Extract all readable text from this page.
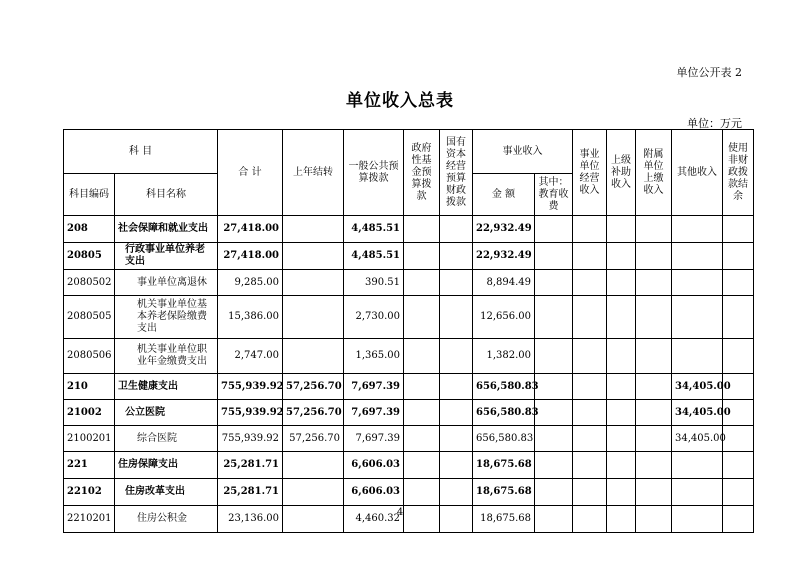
单位公开表 2
单位收入总表
单位：万元
科 目		合 计	上年结转	一般公共预算拨款	政府性基金预算拨款	国有资本经营预算财政拨款	事业收入		事业单位经营收入	上级补助收入	附属单位上缴收入	其他收入	使用非财政拨款结余
科目编码	科目名称						金 额	其中：教育收费					
208	社会保障和就业支出	27,418.00		4,485.51			22,932.49						
20805	行政事业单位养老支出	27,418.00		4,485.51			22,932.49						
2080502	事业单位离退休	9,285.00		390.51			8,894.49						
2080505	机关事业单位基本养老保险缴费支出	15,386.00		2,730.00			12,656.00						
2080506	机关事业单位职业年金缴费支出	2,747.00		1,365.00			1,382.00						
210	卫生健康支出	755,939.92	57,256.70	7,697.39			656,580.83					34,405.00	
21002	公立医院	755,939.92	57,256.70	7,697.39			656,580.83					34,405.00	
2100201	综合医院	755,939.92	57,256.70	7,697.39			656,580.83					34,405.00	
221	住房保障支出	25,281.71		6,606.03			18,675.68						
22102	住房改革支出	25,281.71		6,606.03			18,675.68						
2210201	住房公积金	23,136.00		4,460.32			18,675.68						
4
